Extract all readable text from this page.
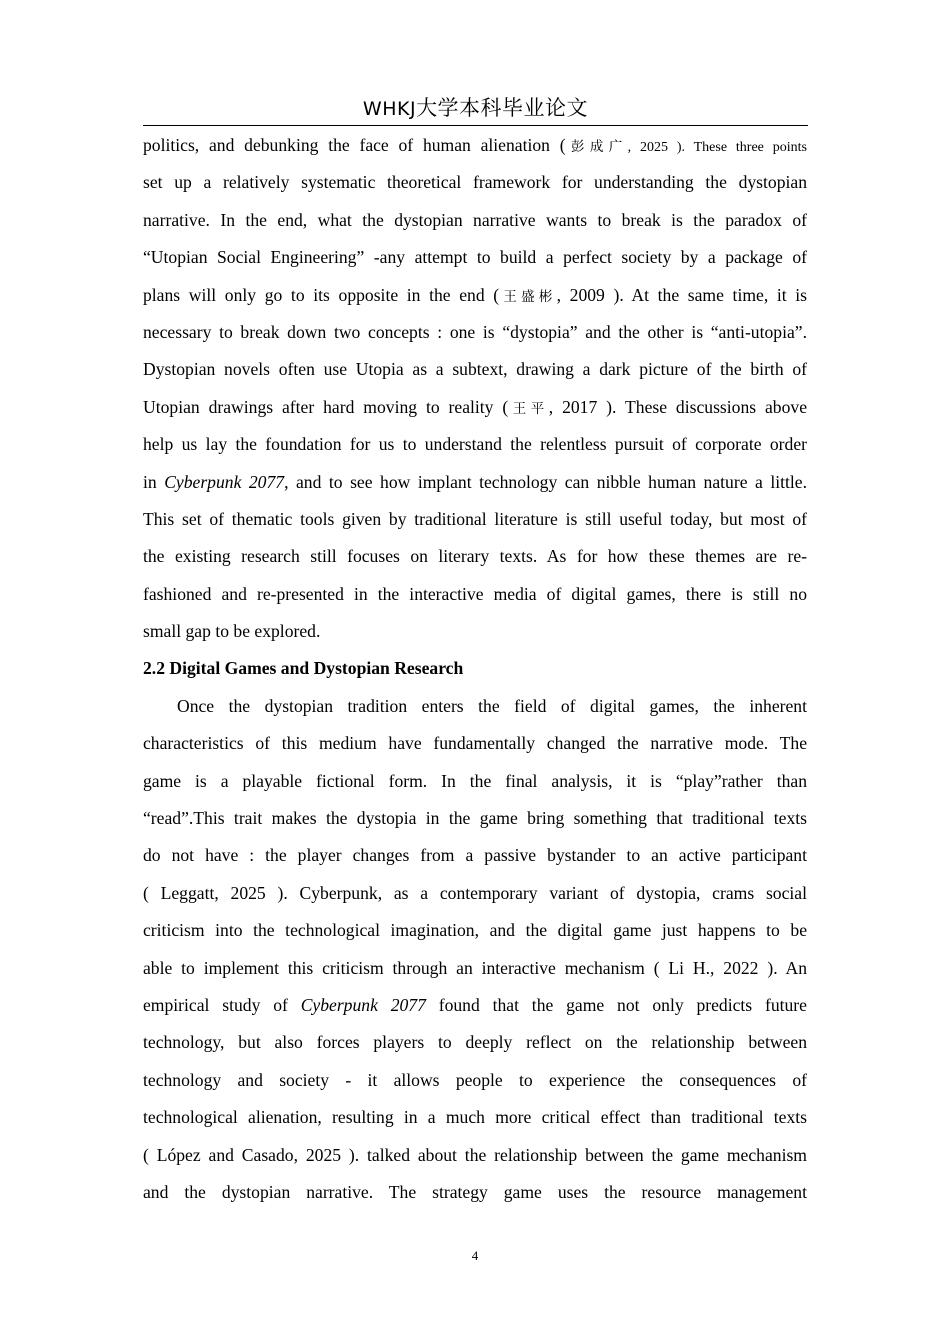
WHKJ大学本科毕业论文
politics, and debunking the face of human alienation (彭成广, 2025 ). These three points
set up a relatively systematic theoretical framework for understanding the dystopian
narrative. In the end, what the dystopian narrative wants to break is the paradox of
“Utopian Social Engineering” -any attempt to build a perfect society by a package of
plans will only go to its opposite in the end (王盛彬, 2009 ). At the same time, it is
necessary to break down two concepts : one is “dystopia” and the other is “anti-utopia”.
Dystopian novels often use Utopia as a subtext, drawing a dark picture of the birth of
Utopian drawings after hard moving to reality (王平, 2017 ). These discussions above
help us lay the foundation for us to understand the relentless pursuit of corporate order
in Cyberpunk 2077, and to see how implant technology can nibble human nature a little.
This set of thematic tools given by traditional literature is still useful today, but most of
the existing research still focuses on literary texts. As for how these themes are re-
fashioned and re-presented in the interactive media of digital games, there is still no
small gap to be explored.
2.2 Digital Games and Dystopian Research
Once the dystopian tradition enters the field of digital games, the inherent
characteristics of this medium have fundamentally changed the narrative mode. The
game is a playable fictional form. In the final analysis, it is “play”rather than
“read”.This trait makes the dystopia in the game bring something that traditional texts
do not have : the player changes from a passive bystander to an active participant
( Leggatt, 2025 ). Cyberpunk, as a contemporary variant of dystopia, crams social
criticism into the technological imagination, and the digital game just happens to be
able to implement this criticism through an interactive mechanism ( Li H., 2022 ). An
empirical study of Cyberpunk 2077 found that the game not only predicts future
technology, but also forces players to deeply reflect on the relationship between
technology and society - it allows people to experience the consequences of
technological alienation, resulting in a much more critical effect than traditional texts
( López and Casado, 2025 ). talked about the relationship between the game mechanism
and the dystopian narrative. The strategy game uses the resource management
4
